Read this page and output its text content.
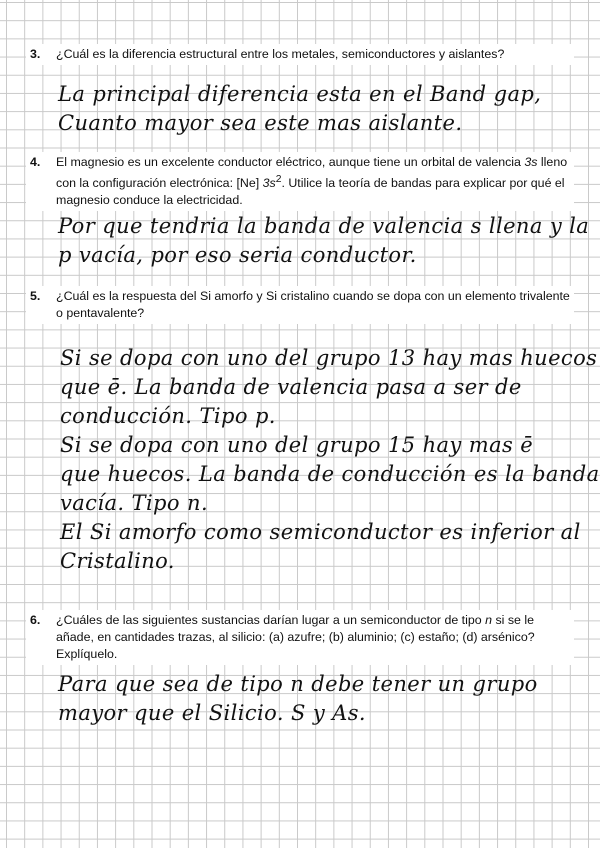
3.	¿Cuál es la diferencia estructural entre los metales, semiconductores y aislantes?
La principal diferencia esta en el Band gap,
Cuanto mayor sea este mas aislante.
4.	El magnesio es un excelente conductor eléctrico, aunque tiene un orbital de valencia 3s lleno con la configuración electrónica: [Ne] $3s^2$. Utilice la teoría de bandas para explicar por qué el magnesio conduce la electricidad.
Por que tendria la banda de valencia s llena y la
p vacía, por eso seria conductor.
5.	¿Cuál es la respuesta del Si amorfo y Si cristalino cuando se dopa con un elemento trivalente o pentavalente?
Si se dopa con uno del grupo 13 hay mas huecos
que ē. La banda de valencia pasa a ser de
conducción. Tipo p.
Si se dopa con uno del grupo 15 hay mas ē
que huecos. La banda de conducción es la banda
vacía. Tipo n.
El Si amorfo como semiconductor es inferior al
Cristalino.
6.	¿Cuáles de las siguientes sustancias darían lugar a un semiconductor de tipo n si se le añade, en cantidades trazas, al silicio: (a) azufre; (b) aluminio; (c) estaño; (d) arsénico? Explíquelo.
Para que sea de tipo n debe tener un grupo
mayor que el Silicio. S y As.
